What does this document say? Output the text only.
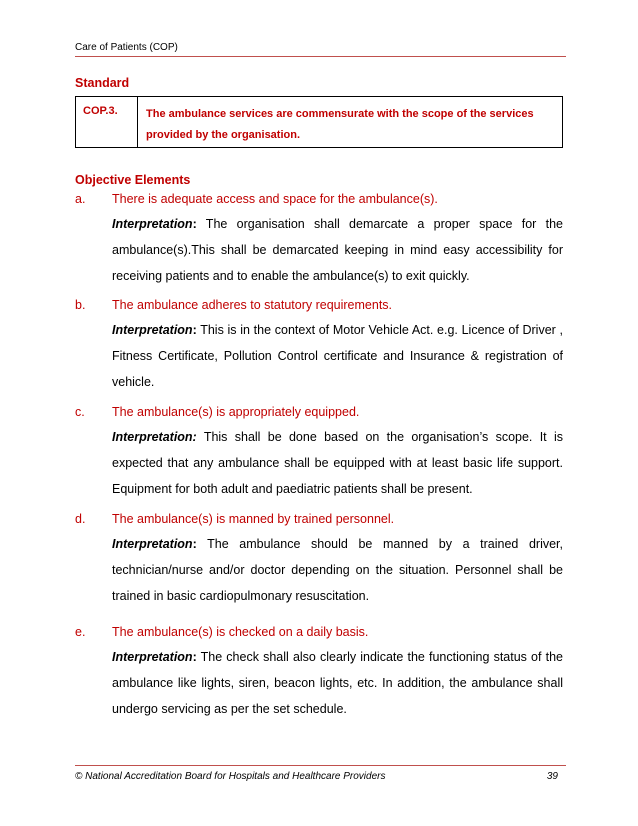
Care of Patients (COP)
Standard
COP.3.	The ambulance services are commensurate with the scope of the services provided by the organisation.
Objective Elements
a.	There is adequate access and space for the ambulance(s).
Interpretation: The organisation shall demarcate a proper space for the ambulance(s).This shall be demarcated keeping in mind easy accessibility for receiving patients and to enable the ambulance(s) to exit quickly.
b.	The ambulance adheres to statutory requirements.
Interpretation: This is in the context of Motor Vehicle Act. e.g. Licence of Driver , Fitness Certificate, Pollution Control certificate and Insurance & registration of vehicle.
c.	The ambulance(s) is appropriately equipped.
Interpretation: This shall be done based on the organisation’s scope. It is expected that any ambulance shall be equipped with at least basic life support. Equipment for both adult and paediatric patients shall be present.
d.	The ambulance(s) is manned by trained personnel.
Interpretation: The ambulance should be manned by a trained driver, technician/nurse and/or doctor depending on the situation. Personnel shall be trained in basic cardiopulmonary resuscitation.
e.	The ambulance(s) is checked on a daily basis.
Interpretation: The check shall also clearly indicate the functioning status of the ambulance like lights, siren, beacon lights, etc. In addition, the ambulance shall undergo servicing as per the set schedule.
© National Accreditation Board for Hospitals and Healthcare Providers	39
